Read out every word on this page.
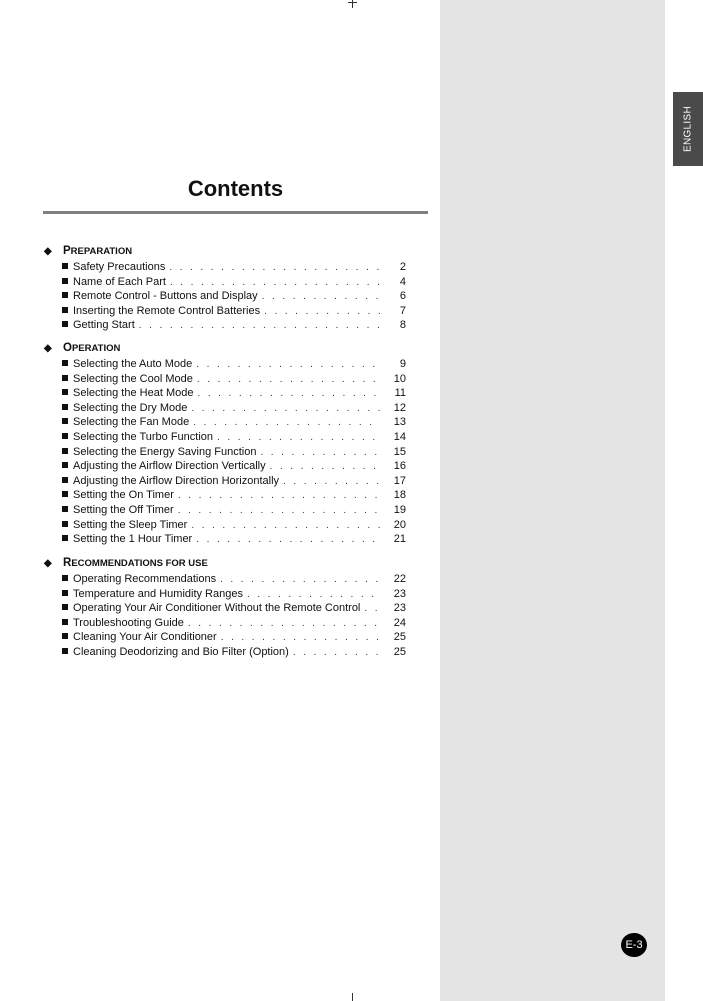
ENGLISH
Contents
◆ PREPARATION
Safety Precautions . . .	2
Name of Each Part . . .	4
Remote Control - Buttons and Display . . .	6
Inserting the Remote Control Batteries . . .	7
Getting Start . . .	8
◆ OPERATION
Selecting the Auto Mode . . .	9
Selecting the Cool Mode . . .	10
Selecting the Heat Mode . . .	11
Selecting the Dry Mode . . .	12
Selecting the Fan Mode . . .	13
Selecting the Turbo Function . . .	14
Selecting the Energy Saving Function . . .	15
Adjusting the Airflow Direction Vertically . . .	16
Adjusting the Airflow Direction Horizontally . . .	17
Setting the On Timer . . .	18
Setting the Off Timer . . .	19
Setting the Sleep Timer . . .	20
Setting the 1 Hour Timer . . .	21
◆ RECOMMENDATIONS FOR USE
Operating Recommendations . . .	22
Temperature and Humidity Ranges . . .	23
Operating Your Air Conditioner Without the Remote Control . . .	23
Troubleshooting Guide . . .	24
Cleaning Your Air Conditioner . . .	25
Cleaning Deodorizing and Bio Filter (Option) . . .	25
E-3
